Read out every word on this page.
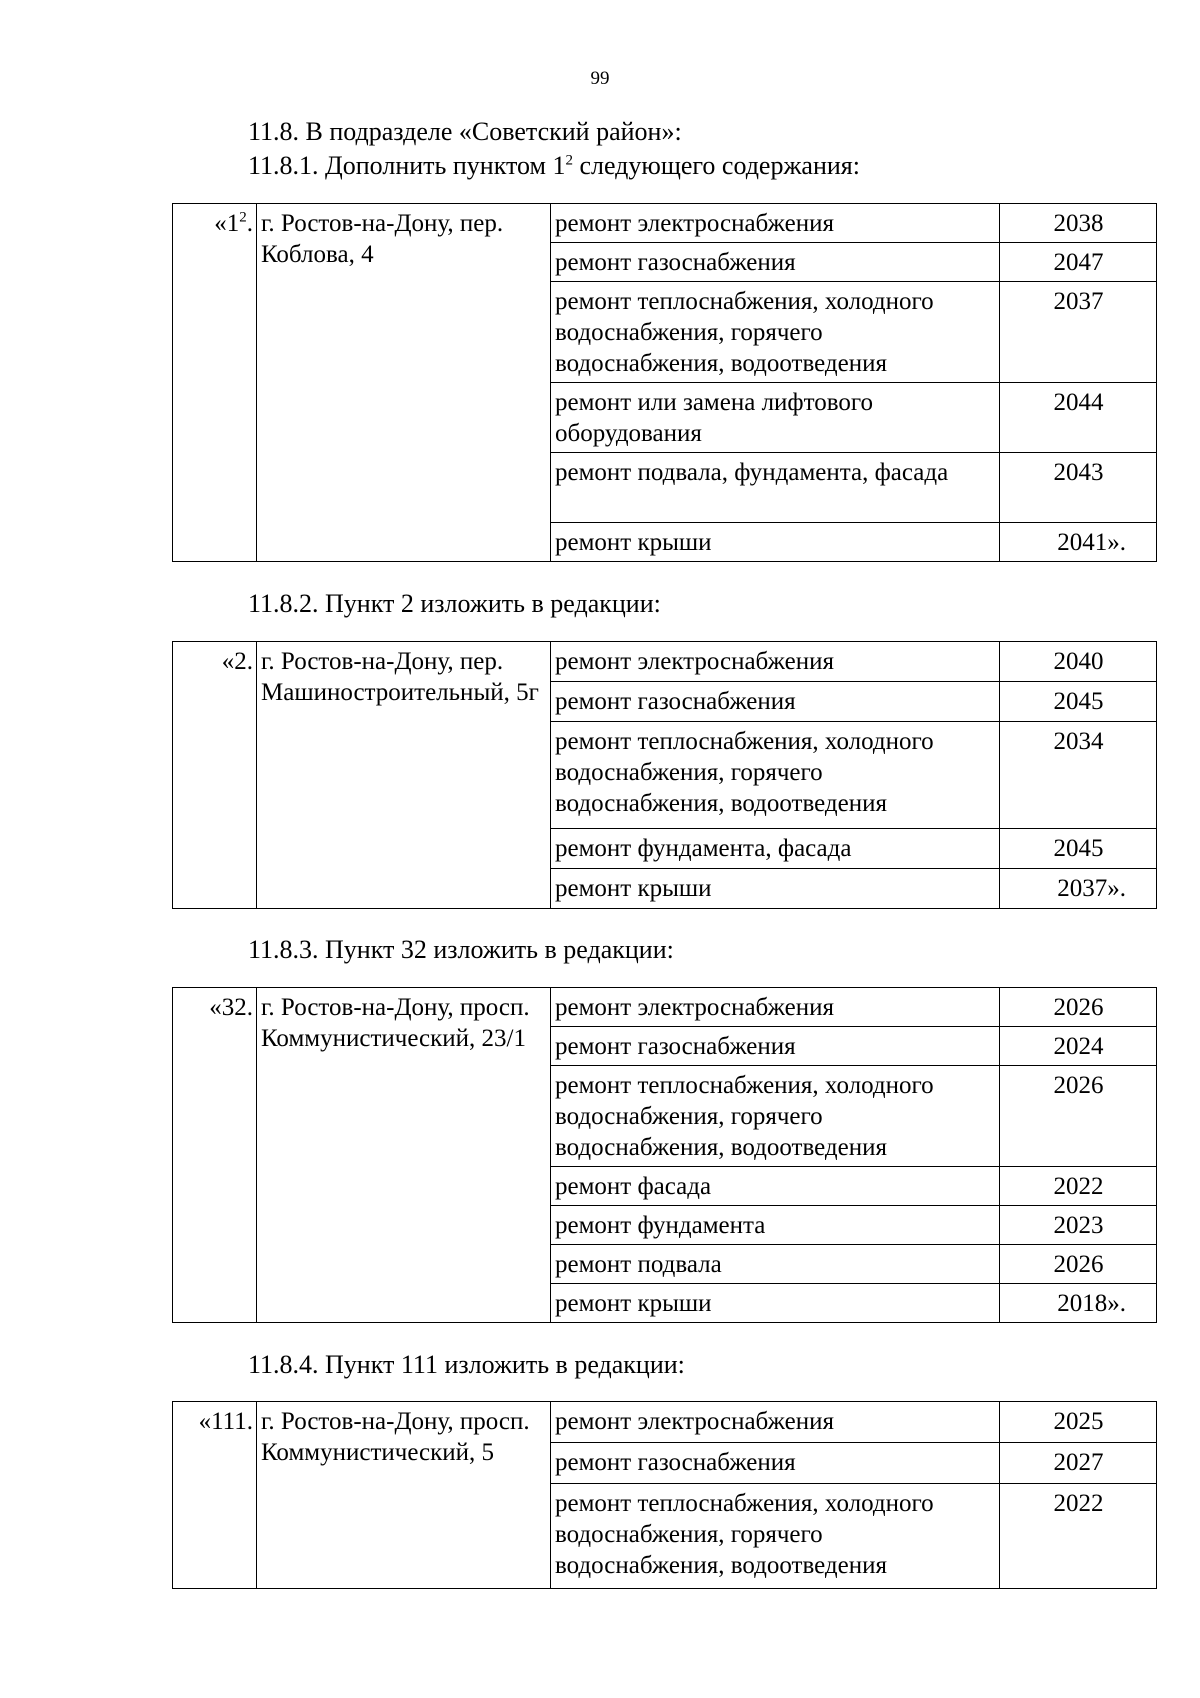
99
11.8. В подразделе «Советский район»:
11.8.1. Дополнить пунктом $1^2$ следующего содержания:
«$1^2$.	г. Ростов-на-Дону, пер. Коблова, 4	ремонт электроснабжения	2038
		ремонт газоснабжения	2047
		ремонт теплоснабжения, холодного водоснабжения, горячего водоснабжения, водоотведения	2037
		ремонт или замена лифтового оборудования	2044
		ремонт подвала, фундамента, фасада	2043
		ремонт крыши	2041».
11.8.2. Пункт 2 изложить в редакции:
«2.	г. Ростов-на-Дону, пер. Машиностроительный, 5г	ремонт электроснабжения	2040
		ремонт газоснабжения	2045
		ремонт теплоснабжения, холодного водоснабжения, горячего водоснабжения, водоотведения	2034
		ремонт фундамента, фасада	2045
		ремонт крыши	2037».
11.8.3. Пункт 32 изложить в редакции:
«32.	г. Ростов-на-Дону, просп. Коммунистический, 23/1	ремонт электроснабжения	2026
		ремонт газоснабжения	2024
		ремонт теплоснабжения, холодного водоснабжения, горячего водоснабжения, водоотведения	2026
		ремонт фасада	2022
		ремонт фундамента	2023
		ремонт подвала	2026
		ремонт крыши	2018».
11.8.4. Пункт 111 изложить в редакции:
«111.	г. Ростов-на-Дону, просп. Коммунистический, 5	ремонт электроснабжения	2025
		ремонт газоснабжения	2027
		ремонт теплоснабжения, холодного водоснабжения, горячего водоснабжения, водоотведения	2022
